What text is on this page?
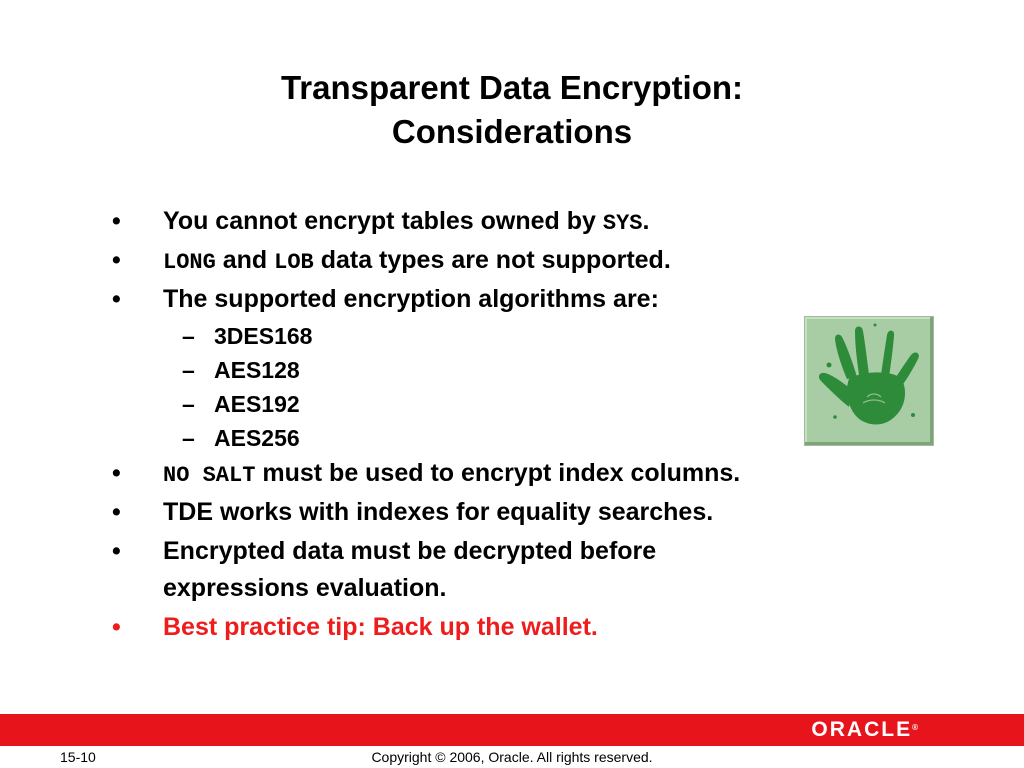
Transparent Data Encryption:
Considerations
• You cannot encrypt tables owned by SYS.
• LONG and LOB data types are not supported.
• The supported encryption algorithms are:
– 3DES168
– AES128
– AES192
– AES256
• NO SALT must be used to encrypt index columns.
• TDE works with indexes for equality searches.
• Encrypted data must be decrypted before
expressions evaluation.
• Best practice tip: Back up the wallet.
ORACLE®
15-10	Copyright © 2006, Oracle. All rights reserved.
